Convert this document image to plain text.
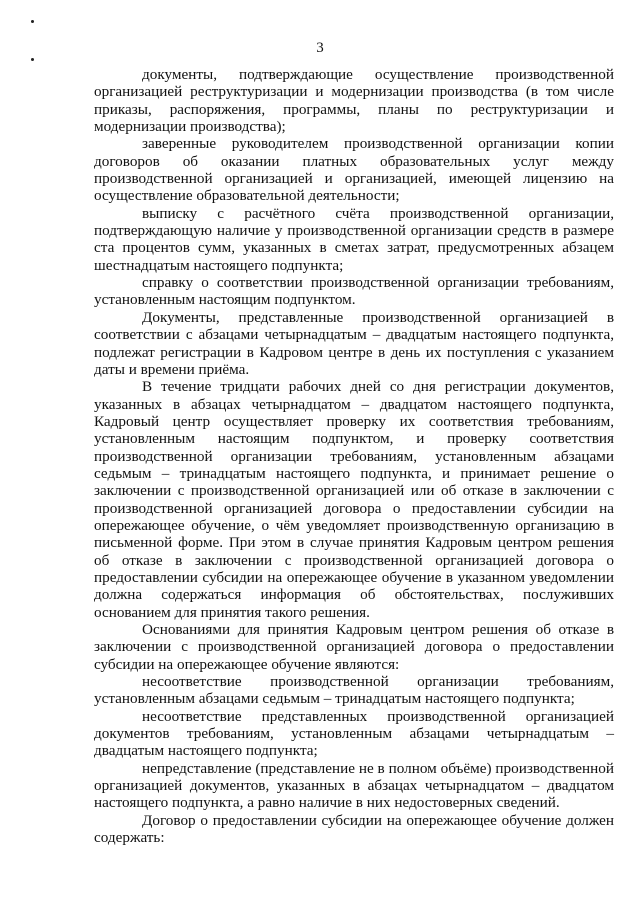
3

документы, подтверждающие осуществление производственной организацией реструктуризации и модернизации производства (в том числе приказы, распоряжения, программы, планы по реструктуризации и модернизации производства);

заверенные руководителем производственной организации копии договоров об оказании платных образовательных услуг между производственной организацией и организацией, имеющей лицензию на осуществление образовательной деятельности;

выписку с расчётного счёта производственной организации, подтверждающую наличие у производственной организации средств в размере ста процентов сумм, указанных в сметах затрат, предусмотренных абзацем шестнадцатым настоящего подпункта;

справку о соответствии производственной организации требованиям, установленным настоящим подпунктом.

Документы, представленные производственной организацией в соответствии с абзацами четырнадцатым – двадцатым настоящего подпункта, подлежат регистрации в Кадровом центре в день их поступления с указанием даты и времени приёма.

В течение тридцати рабочих дней со дня регистрации документов, указанных в абзацах четырнадцатом – двадцатом настоящего подпункта, Кадровый центр осуществляет проверку их соответствия требованиям, установленным настоящим подпунктом, и проверку соответствия производственной организации требованиям, установленным абзацами седьмым – тринадцатым настоящего подпункта, и принимает решение о заключении с производственной организацией или об отказе в заключении с производственной организацией договора о предоставлении субсидии на опережающее обучение, о чём уведомляет производственную организацию в письменной форме. При этом в случае принятия Кадровым центром решения об отказе в заключении с производственной организацией договора о предоставлении субсидии на опережающее обучение в указанном уведомлении должна содержаться информация об обстоятельствах, послуживших основанием для принятия такого решения.

Основаниями для принятия Кадровым центром решения об отказе в заключении с производственной организацией договора о предоставлении субсидии на опережающее обучение являются:

несоответствие производственной организации требованиям, установленным абзацами седьмым – тринадцатым настоящего подпункта;

несоответствие представленных производственной организацией документов требованиям, установленным абзацами четырнадцатым – двадцатым настоящего подпункта;

непредставление (представление не в полном объёме) производственной организацией документов, указанных в абзацах четырнадцатом – двадцатом настоящего подпункта, а равно наличие в них недостоверных сведений.

Договор о предоставлении субсидии на опережающее обучение должен содержать:
